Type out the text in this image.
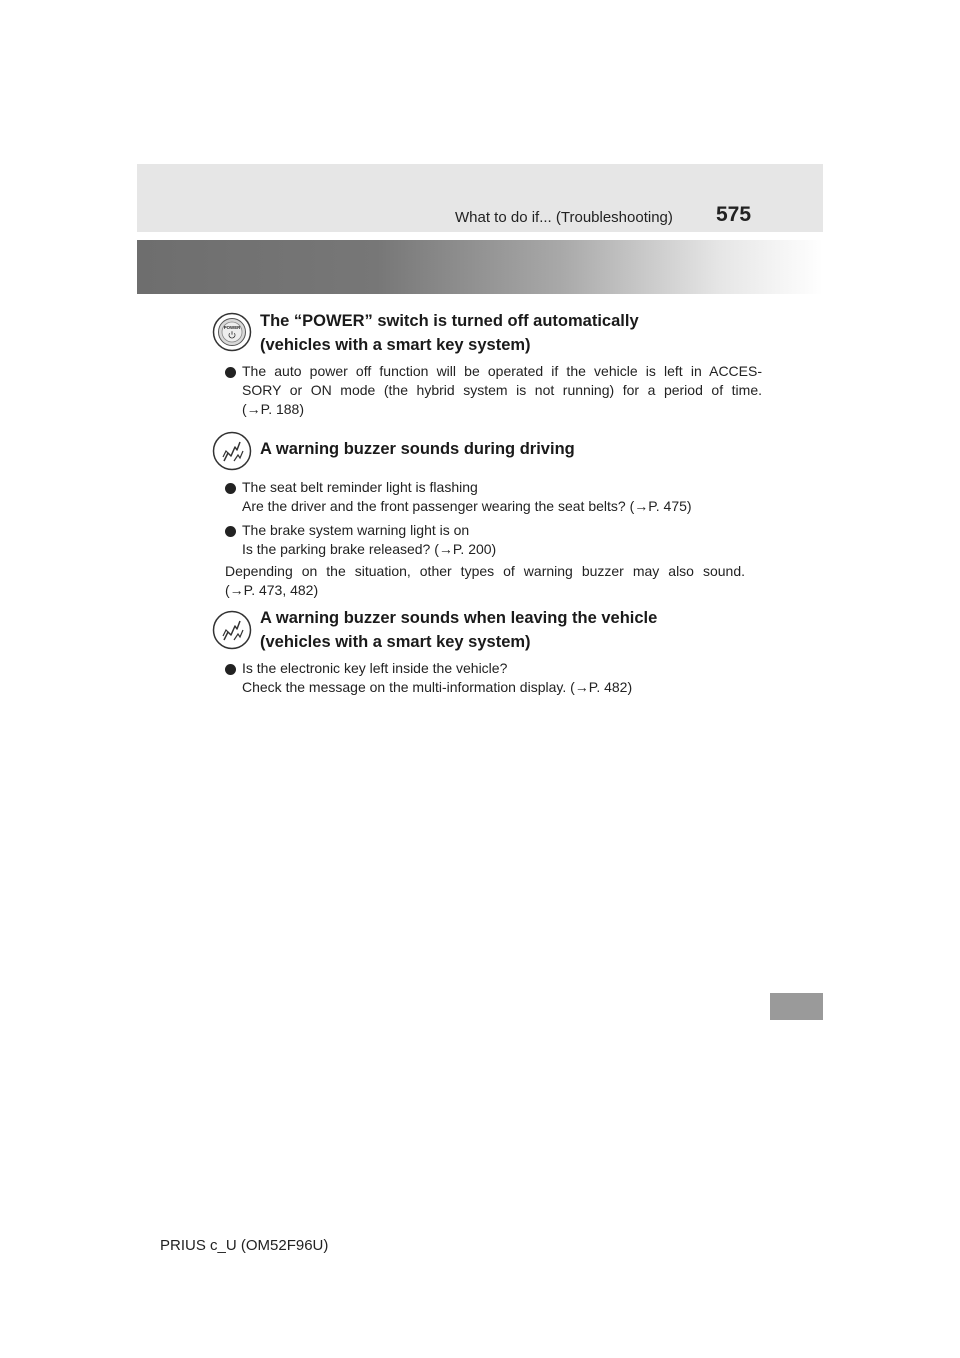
What to do if... (Troubleshooting) 575
POWER The “POWER” switch is turned off automatically
(vehicles with a smart key system)
The auto power off function will be operated if the vehicle is left in ACCES-
SORY or ON mode (the hybrid system is not running) for a period of time.
(→P. 188)
A warning buzzer sounds during driving
The seat belt reminder light is flashing
Are the driver and the front passenger wearing the seat belts? (→P. 475)
The brake system warning light is on
Is the parking brake released? (→P. 200)
Depending on the situation, other types of warning buzzer may also sound.
(→P. 473, 482)
A warning buzzer sounds when leaving the vehicle
(vehicles with a smart key system)
Is the electronic key left inside the vehicle?
Check the message on the multi-information display. (→P. 482)
PRIUS c_U (OM52F96U)
